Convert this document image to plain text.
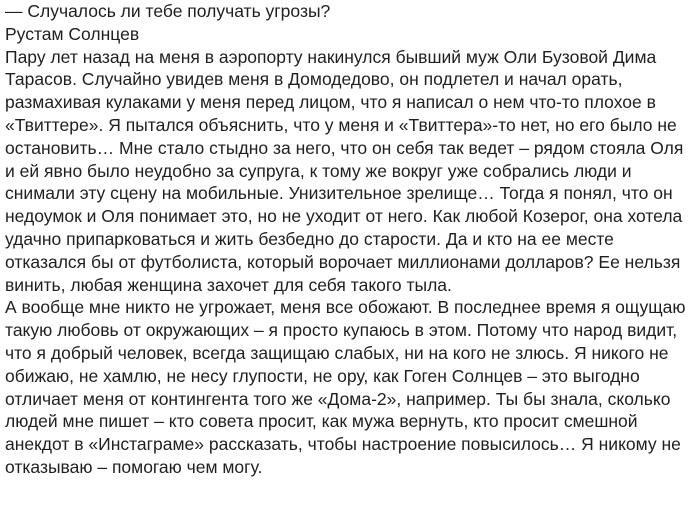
— Случалось ли тебе получать угрозы?

Рустам Солнцев

Пару лет назад на меня в аэропорту накинулся бывший муж Оли Бузовой Дима Тарасов. Случайно увидев меня в Домодедово, он подлетел и начал орать, размахивая кулаками у меня перед лицом, что я написал о нем что-то плохое в «Твиттере». Я пытался объяснить, что у меня и «Твиттера»-то нет, но его было не остановить… Мне стало стыдно за него, что он себя так ведет – рядом стояла Оля и ей явно было неудобно за супруга, к тому же вокруг уже собрались люди и снимали эту сцену на мобильные. Унизительное зрелище… Тогда я понял, что он недоумок и Оля понимает это, но не уходит от него. Как любой Козерог, она хотела удачно припарковаться и жить безбедно до старости. Да и кто на ее месте отказался бы от футболиста, который ворочает миллионами долларов? Ее нельзя винить, любая женщина захочет для себя такого тыла.

А вообще мне никто не угрожает, меня все обожают. В последнее время я ощущаю такую любовь от окружающих – я просто купаюсь в этом. Потому что народ видит, что я добрый человек, всегда защищаю слабых, ни на кого не злюсь. Я никого не обижаю, не хамлю, не несу глупости, не ору, как Гоген Солнцев – это выгодно отличает меня от контингента того же «Дома-2», например. Ты бы знала, сколько людей мне пишет – кто совета просит, как мужа вернуть, кто просит смешной анекдот в «Инстаграме» рассказать, чтобы настроение повысилось… Я никому не отказываю – помогаю чем могу.
